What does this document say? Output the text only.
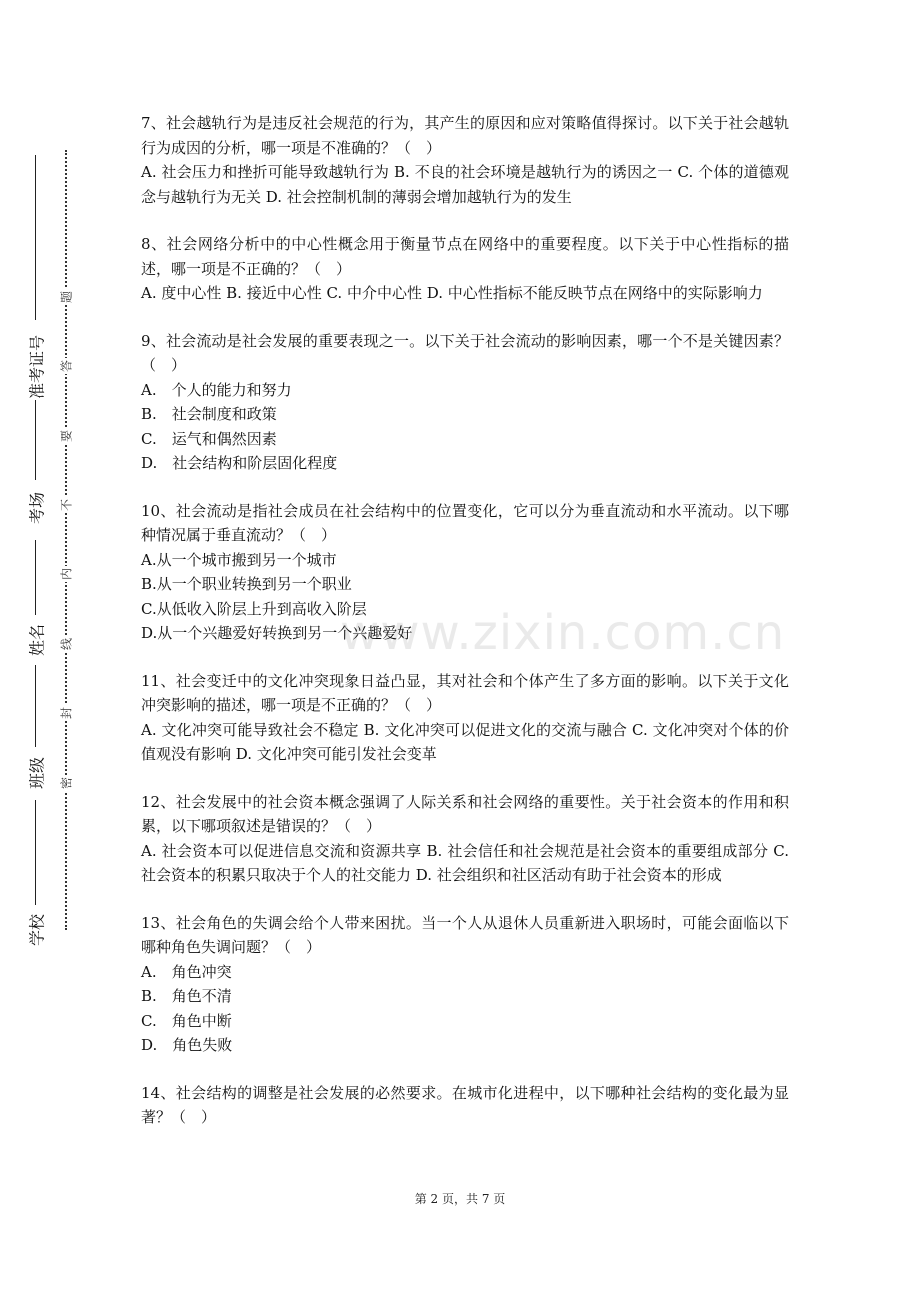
准考证号
考场
姓名
班级
学校
题
答
要
不
内
线
封
密
www.zixin.com.cn

7、社会越轨行为是违反社会规范的行为，其产生的原因和应对策略值得探讨。以下关于社会越轨行为成因的分析，哪一项是不准确的？（　）

A. 社会压力和挫折可能导致越轨行为 B. 不良的社会环境是越轨行为的诱因之一 C. 个体的道德观念与越轨行为无关 D. 社会控制机制的薄弱会增加越轨行为的发生

8、社会网络分析中的中心性概念用于衡量节点在网络中的重要程度。以下关于中心性指标的描述，哪一项是不正确的？（　）

A. 度中心性 B. 接近中心性 C. 中介中心性 D. 中心性指标不能反映节点在网络中的实际影响力

9、社会流动是社会发展的重要表现之一。以下关于社会流动的影响因素，哪一个不是关键因素？（　）

A.　个人的能力和努力

B.　社会制度和政策

C.　运气和偶然因素

D.　社会结构和阶层固化程度

10、社会流动是指社会成员在社会结构中的位置变化，它可以分为垂直流动和水平流动。以下哪种情况属于垂直流动？（　）

A.从一个城市搬到另一个城市

B.从一个职业转换到另一个职业

C.从低收入阶层上升到高收入阶层

D.从一个兴趣爱好转换到另一个兴趣爱好

11、社会变迁中的文化冲突现象日益凸显，其对社会和个体产生了多方面的影响。以下关于文化冲突影响的描述，哪一项是不正确的？（　）

A. 文化冲突可能导致社会不稳定 B. 文化冲突可以促进文化的交流与融合 C. 文化冲突对个体的价值观没有影响 D. 文化冲突可能引发社会变革

12、社会发展中的社会资本概念强调了人际关系和社会网络的重要性。关于社会资本的作用和积累，以下哪项叙述是错误的？（　）

A. 社会资本可以促进信息交流和资源共享 B. 社会信任和社会规范是社会资本的重要组成部分 C. 社会资本的积累只取决于个人的社交能力 D. 社会组织和社区活动有助于社会资本的形成

13、社会角色的失调会给个人带来困扰。当一个人从退休人员重新进入职场时，可能会面临以下哪种角色失调问题？（　）

A.　角色冲突

B.　角色不清

C.　角色中断

D.　角色失败

14、社会结构的调整是社会发展的必然要求。在城市化进程中，以下哪种社会结构的变化最为显著？（　）

第 2 页，共 7 页
